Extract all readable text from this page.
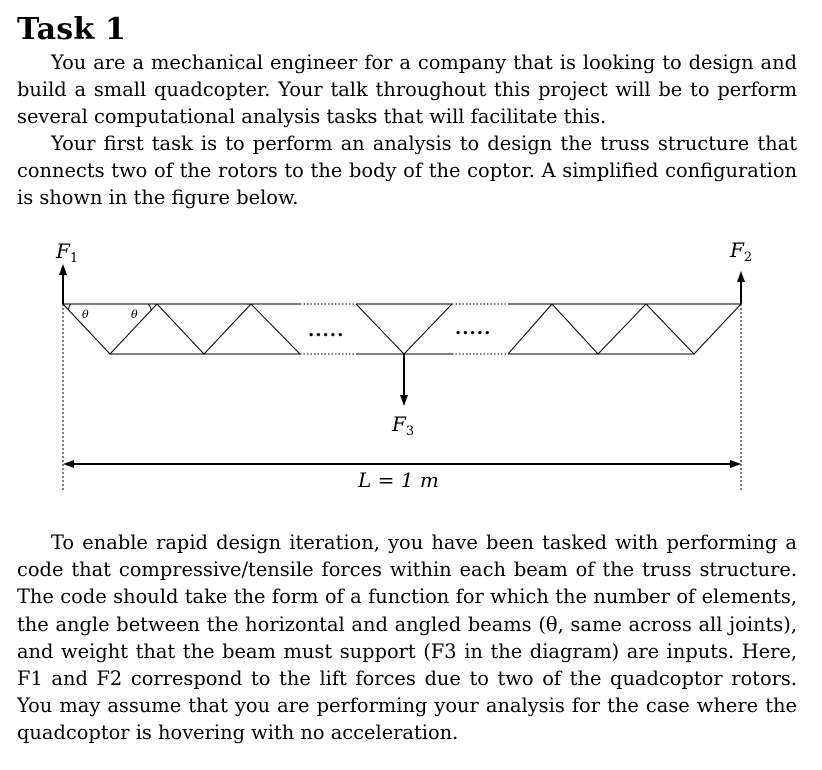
Task 1

You are a mechanical engineer for a company that is looking to design and build a small quadcopter. Your talk throughout this project will be to perform several computational analysis tasks that will facilitate this.

Your first task is to perform an analysis to design the truss structure that connects two of the rotors to the body of the coptor. A simplified configuration is shown in the figure below.

θ	θ
.....	.....
$F_1$	$F_2$
$F_3$
L = 1 m

To enable rapid design iteration, you have been tasked with performing a code that compressive/tensile forces within each beam of the truss structure. The code should take the form of a function for which the number of elements, the angle between the horizontal and angled beams (θ, same across all joints), and weight that the beam must support (F3 in the diagram) are inputs. Here, F1 and F2 correspond to the lift forces due to two of the quadcoptor rotors. You may assume that you are performing your analysis for the case where the quadcoptor is hovering with no acceleration.
